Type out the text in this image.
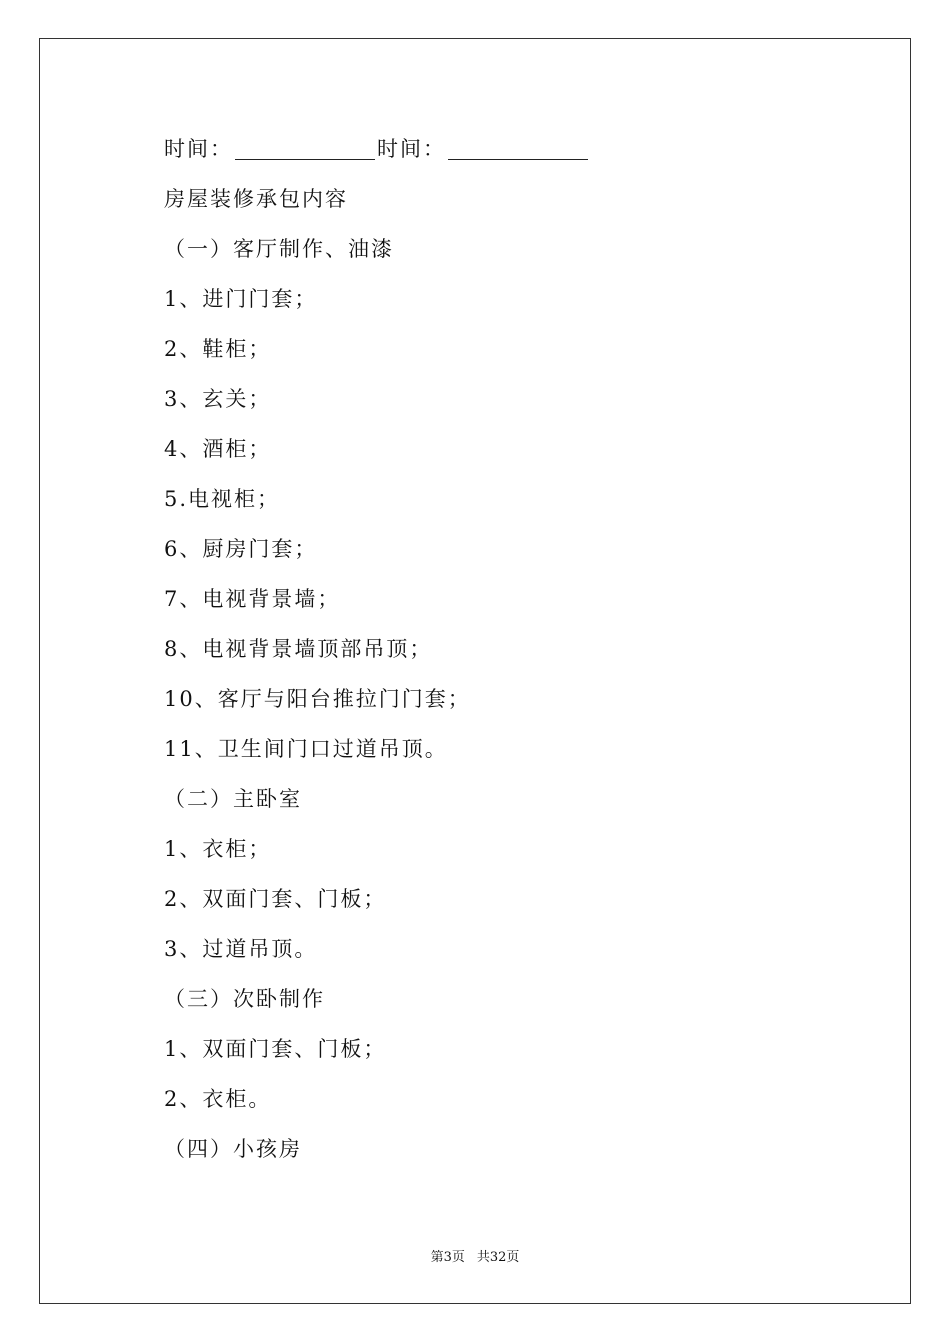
时间：	时间：
房屋装修承包内容
（一）客厅制作、油漆
1、进门门套；
2、鞋柜；
3、玄关；
4、酒柜；
5.电视柜；
6、厨房门套；
7、电视背景墙；
8、电视背景墙顶部吊顶；
10、客厅与阳台推拉门门套；
11、卫生间门口过道吊顶。
（二）主卧室
1、衣柜；
2、双面门套、门板；
3、过道吊顶。
（三）次卧制作
1、双面门套、门板；
2、衣柜。
（四）小孩房
第3页 共32页
